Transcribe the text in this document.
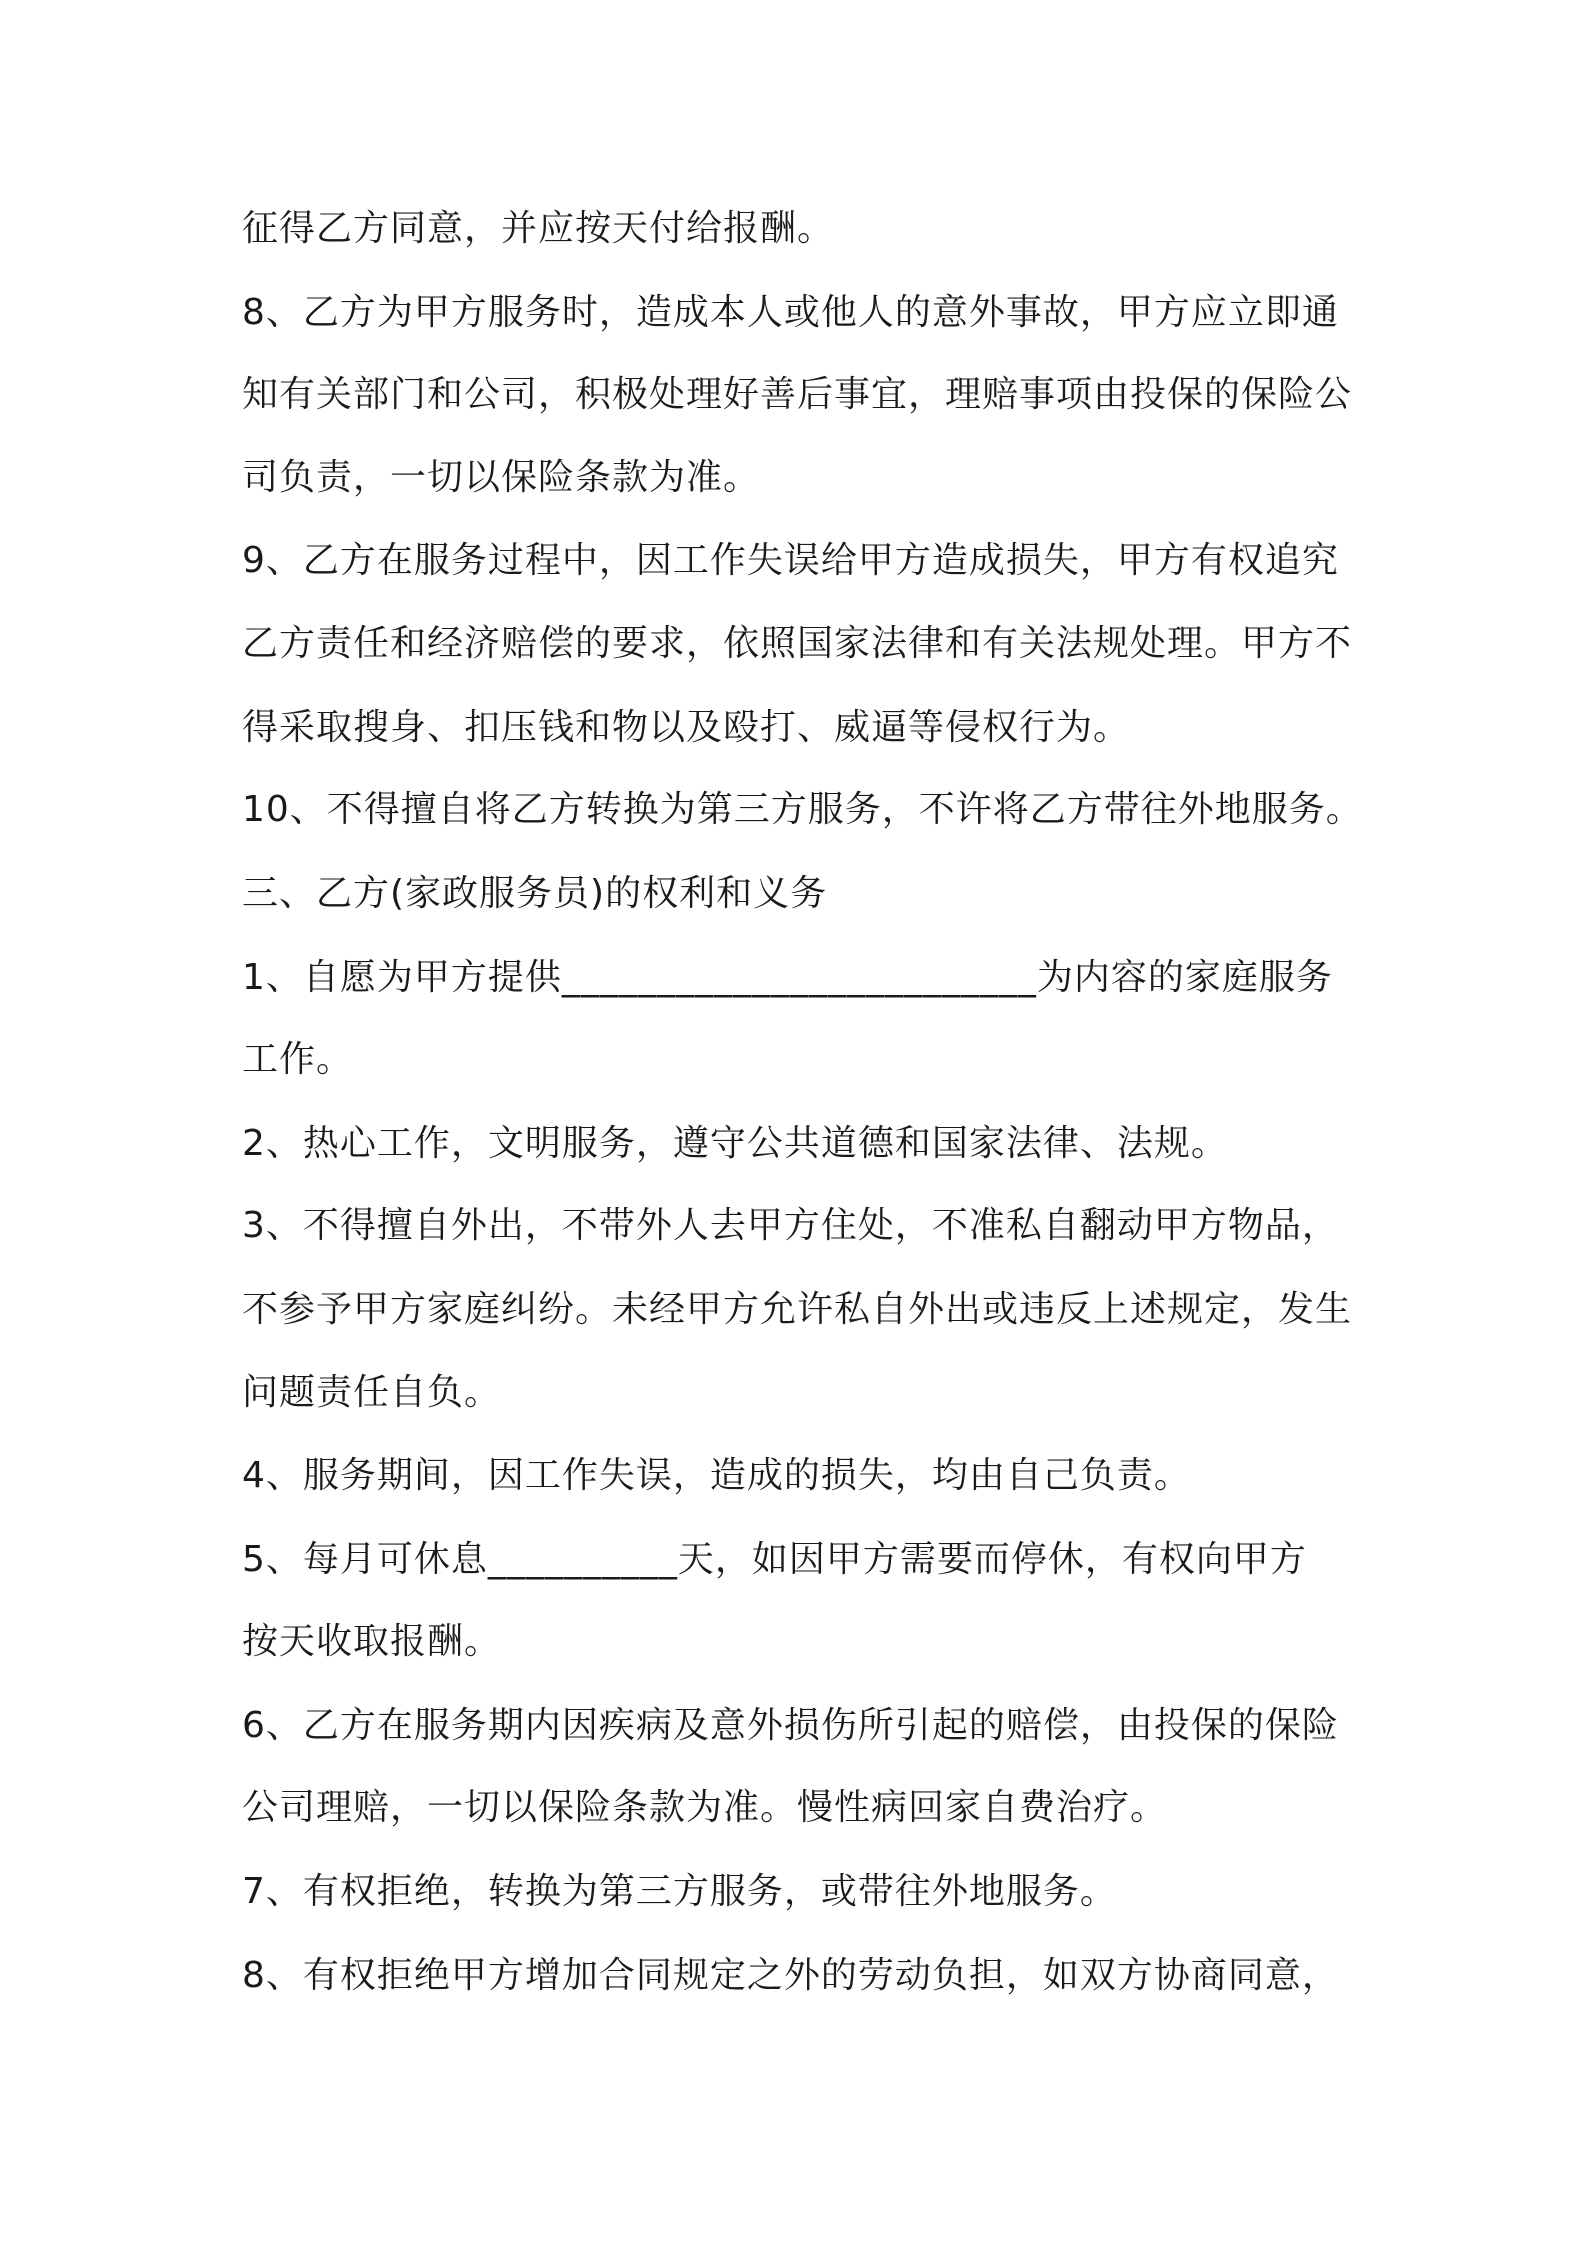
征得乙方同意，并应按天付给报酬。
8、乙方为甲方服务时，造成本人或他人的意外事故，甲方应立即通
知有关部门和公司，积极处理好善后事宜，理赔事项由投保的保险公
司负责，一切以保险条款为准。
9、乙方在服务过程中，因工作失误给甲方造成损失，甲方有权追究
乙方责任和经济赔偿的要求，依照国家法律和有关法规处理。甲方不
得采取搜身、扣压钱和物以及殴打、威逼等侵权行为。
10、不得擅自将乙方转换为第三方服务，不许将乙方带往外地服务。
三、乙方(家政服务员)的权利和义务
1、自愿为甲方提供_________________________为内容的家庭服务
工作。
2、热心工作，文明服务，遵守公共道德和国家法律、法规。
3、不得擅自外出，不带外人去甲方住处，不准私自翻动甲方物品，
不参予甲方家庭纠纷。未经甲方允许私自外出或违反上述规定，发生
问题责任自负。
4、服务期间，因工作失误，造成的损失，均由自己负责。
5、每月可休息__________天，如因甲方需要而停休，有权向甲方
按天收取报酬。
6、乙方在服务期内因疾病及意外损伤所引起的赔偿，由投保的保险
公司理赔，一切以保险条款为准。慢性病回家自费治疗。
7、有权拒绝，转换为第三方服务，或带往外地服务。
8、有权拒绝甲方增加合同规定之外的劳动负担，如双方协商同意，
